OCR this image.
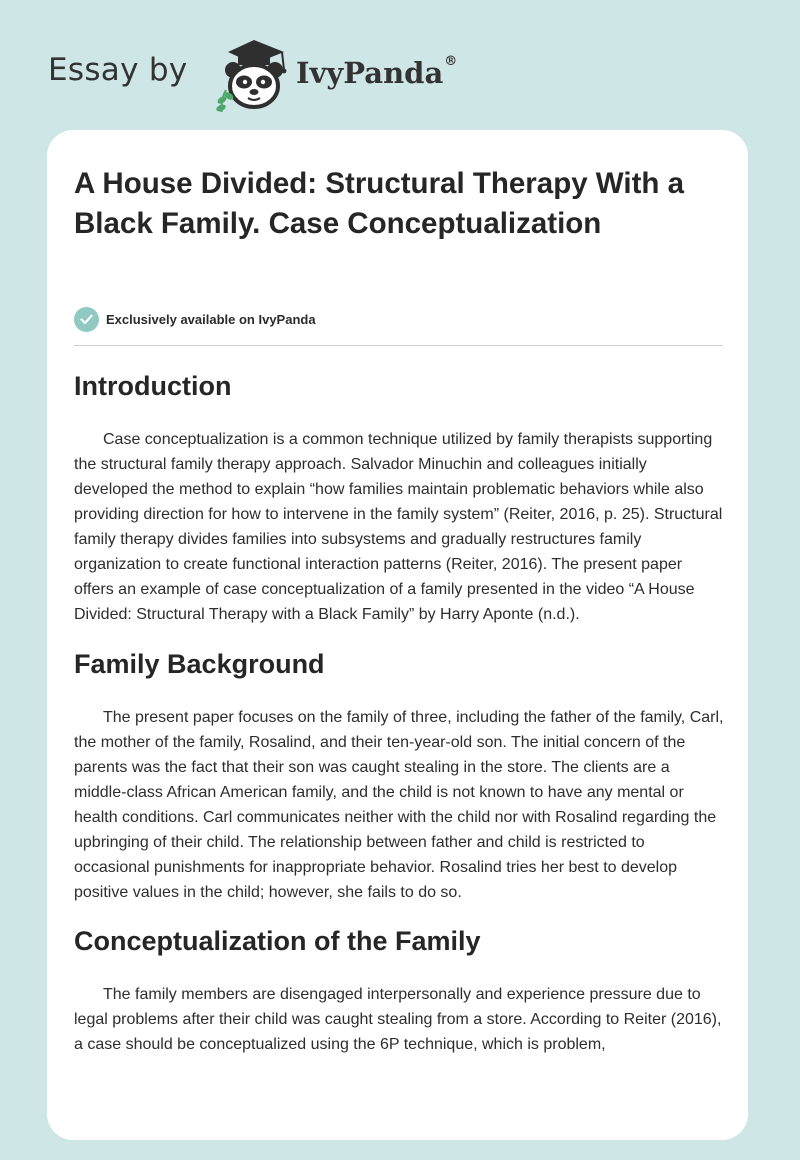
Essay by	IvyPanda®
A House Divided: Structural Therapy With a Black Family. Case Conceptualization
Exclusively available on IvyPanda
Introduction

Case conceptualization is a common technique utilized by family therapists supporting the structural family therapy approach. Salvador Minuchin and colleagues initially developed the method to explain “how families maintain problematic behaviors while also providing direction for how to intervene in the family system” (Reiter, 2016, p. 25). Structural family therapy divides families into subsystems and gradually restructures family organization to create functional interaction patterns (Reiter, 2016). The present paper offers an example of case conceptualization of a family presented in the video “A House Divided: Structural Therapy with a Black Family” by Harry Aponte (n.d.).

Family Background

The present paper focuses on the family of three, including the father of the family, Carl, the mother of the family, Rosalind, and their ten-year-old son. The initial concern of the parents was the fact that their son was caught stealing in the store. The clients are a middle-class African American family, and the child is not known to have any mental or health conditions. Carl communicates neither with the child nor with Rosalind regarding the upbringing of their child. The relationship between father and child is restricted to occasional punishments for inappropriate behavior. Rosalind tries her best to develop positive values in the child; however, she fails to do so.

Conceptualization of the Family

The family members are disengaged interpersonally and experience pressure due to legal problems after their child was caught stealing from a store. According to Reiter (2016), a case should be conceptualized using the 6P technique, which is problem,
